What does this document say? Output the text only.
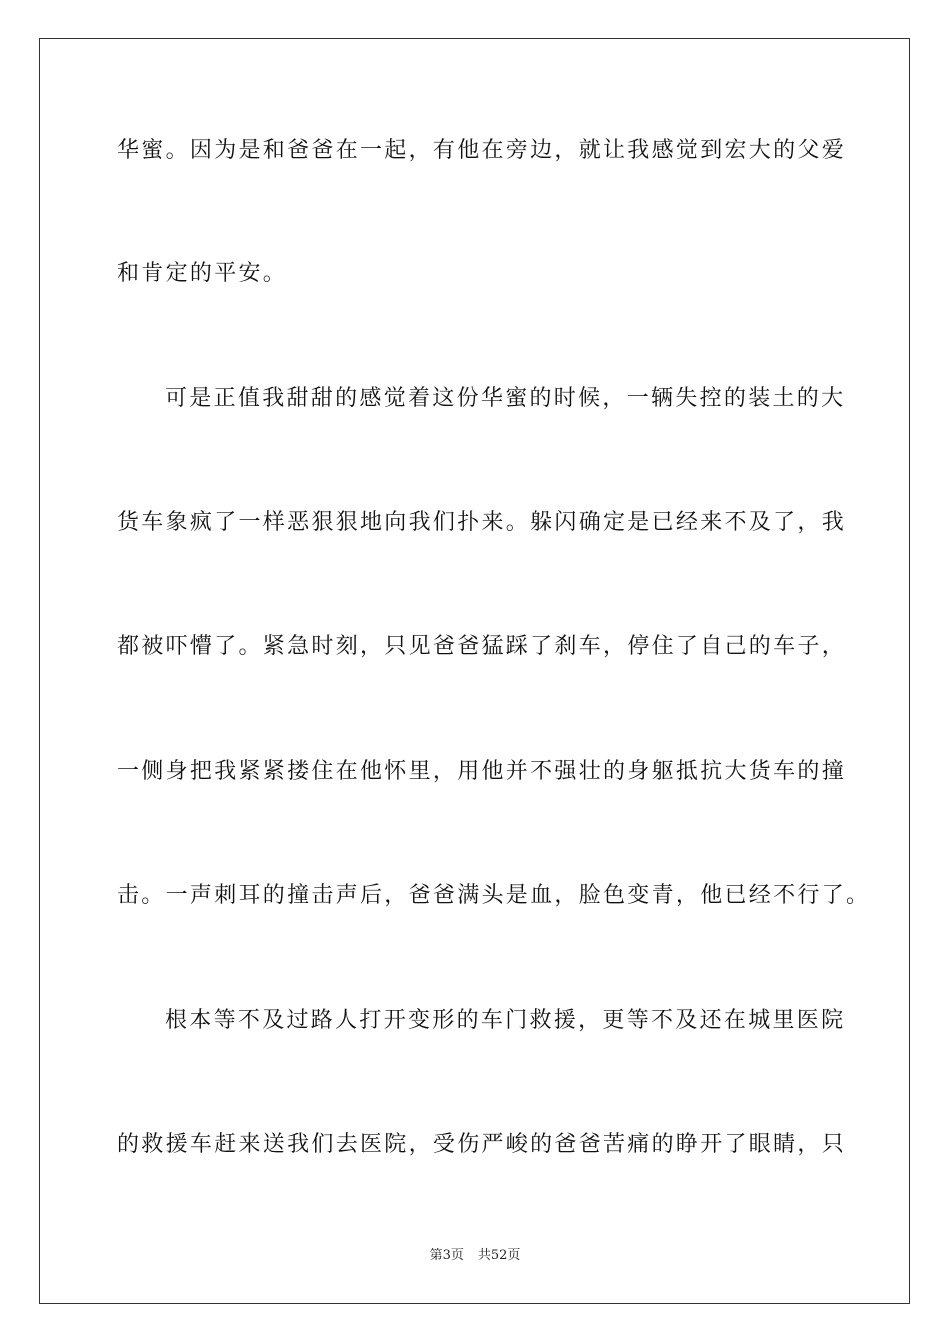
华蜜。因为是和爸爸在一起，有他在旁边，就让我感觉到宏大的父爱
和肯定的平安。
可是正值我甜甜的感觉着这份华蜜的时候，一辆失控的装土的大
货车象疯了一样恶狠狠地向我们扑来。躲闪确定是已经来不及了，我
都被吓懵了。紧急时刻，只见爸爸猛踩了刹车，停住了自己的车子，
一侧身把我紧紧搂住在他怀里，用他并不强壮的身躯抵抗大货车的撞
击。一声刺耳的撞击声后，爸爸满头是血，脸色变青，他已经不行了。
根本等不及过路人打开变形的车门救援，更等不及还在城里医院
的救援车赶来送我们去医院，受伤严峻的爸爸苦痛的睁开了眼睛，只
第3页 共52页
